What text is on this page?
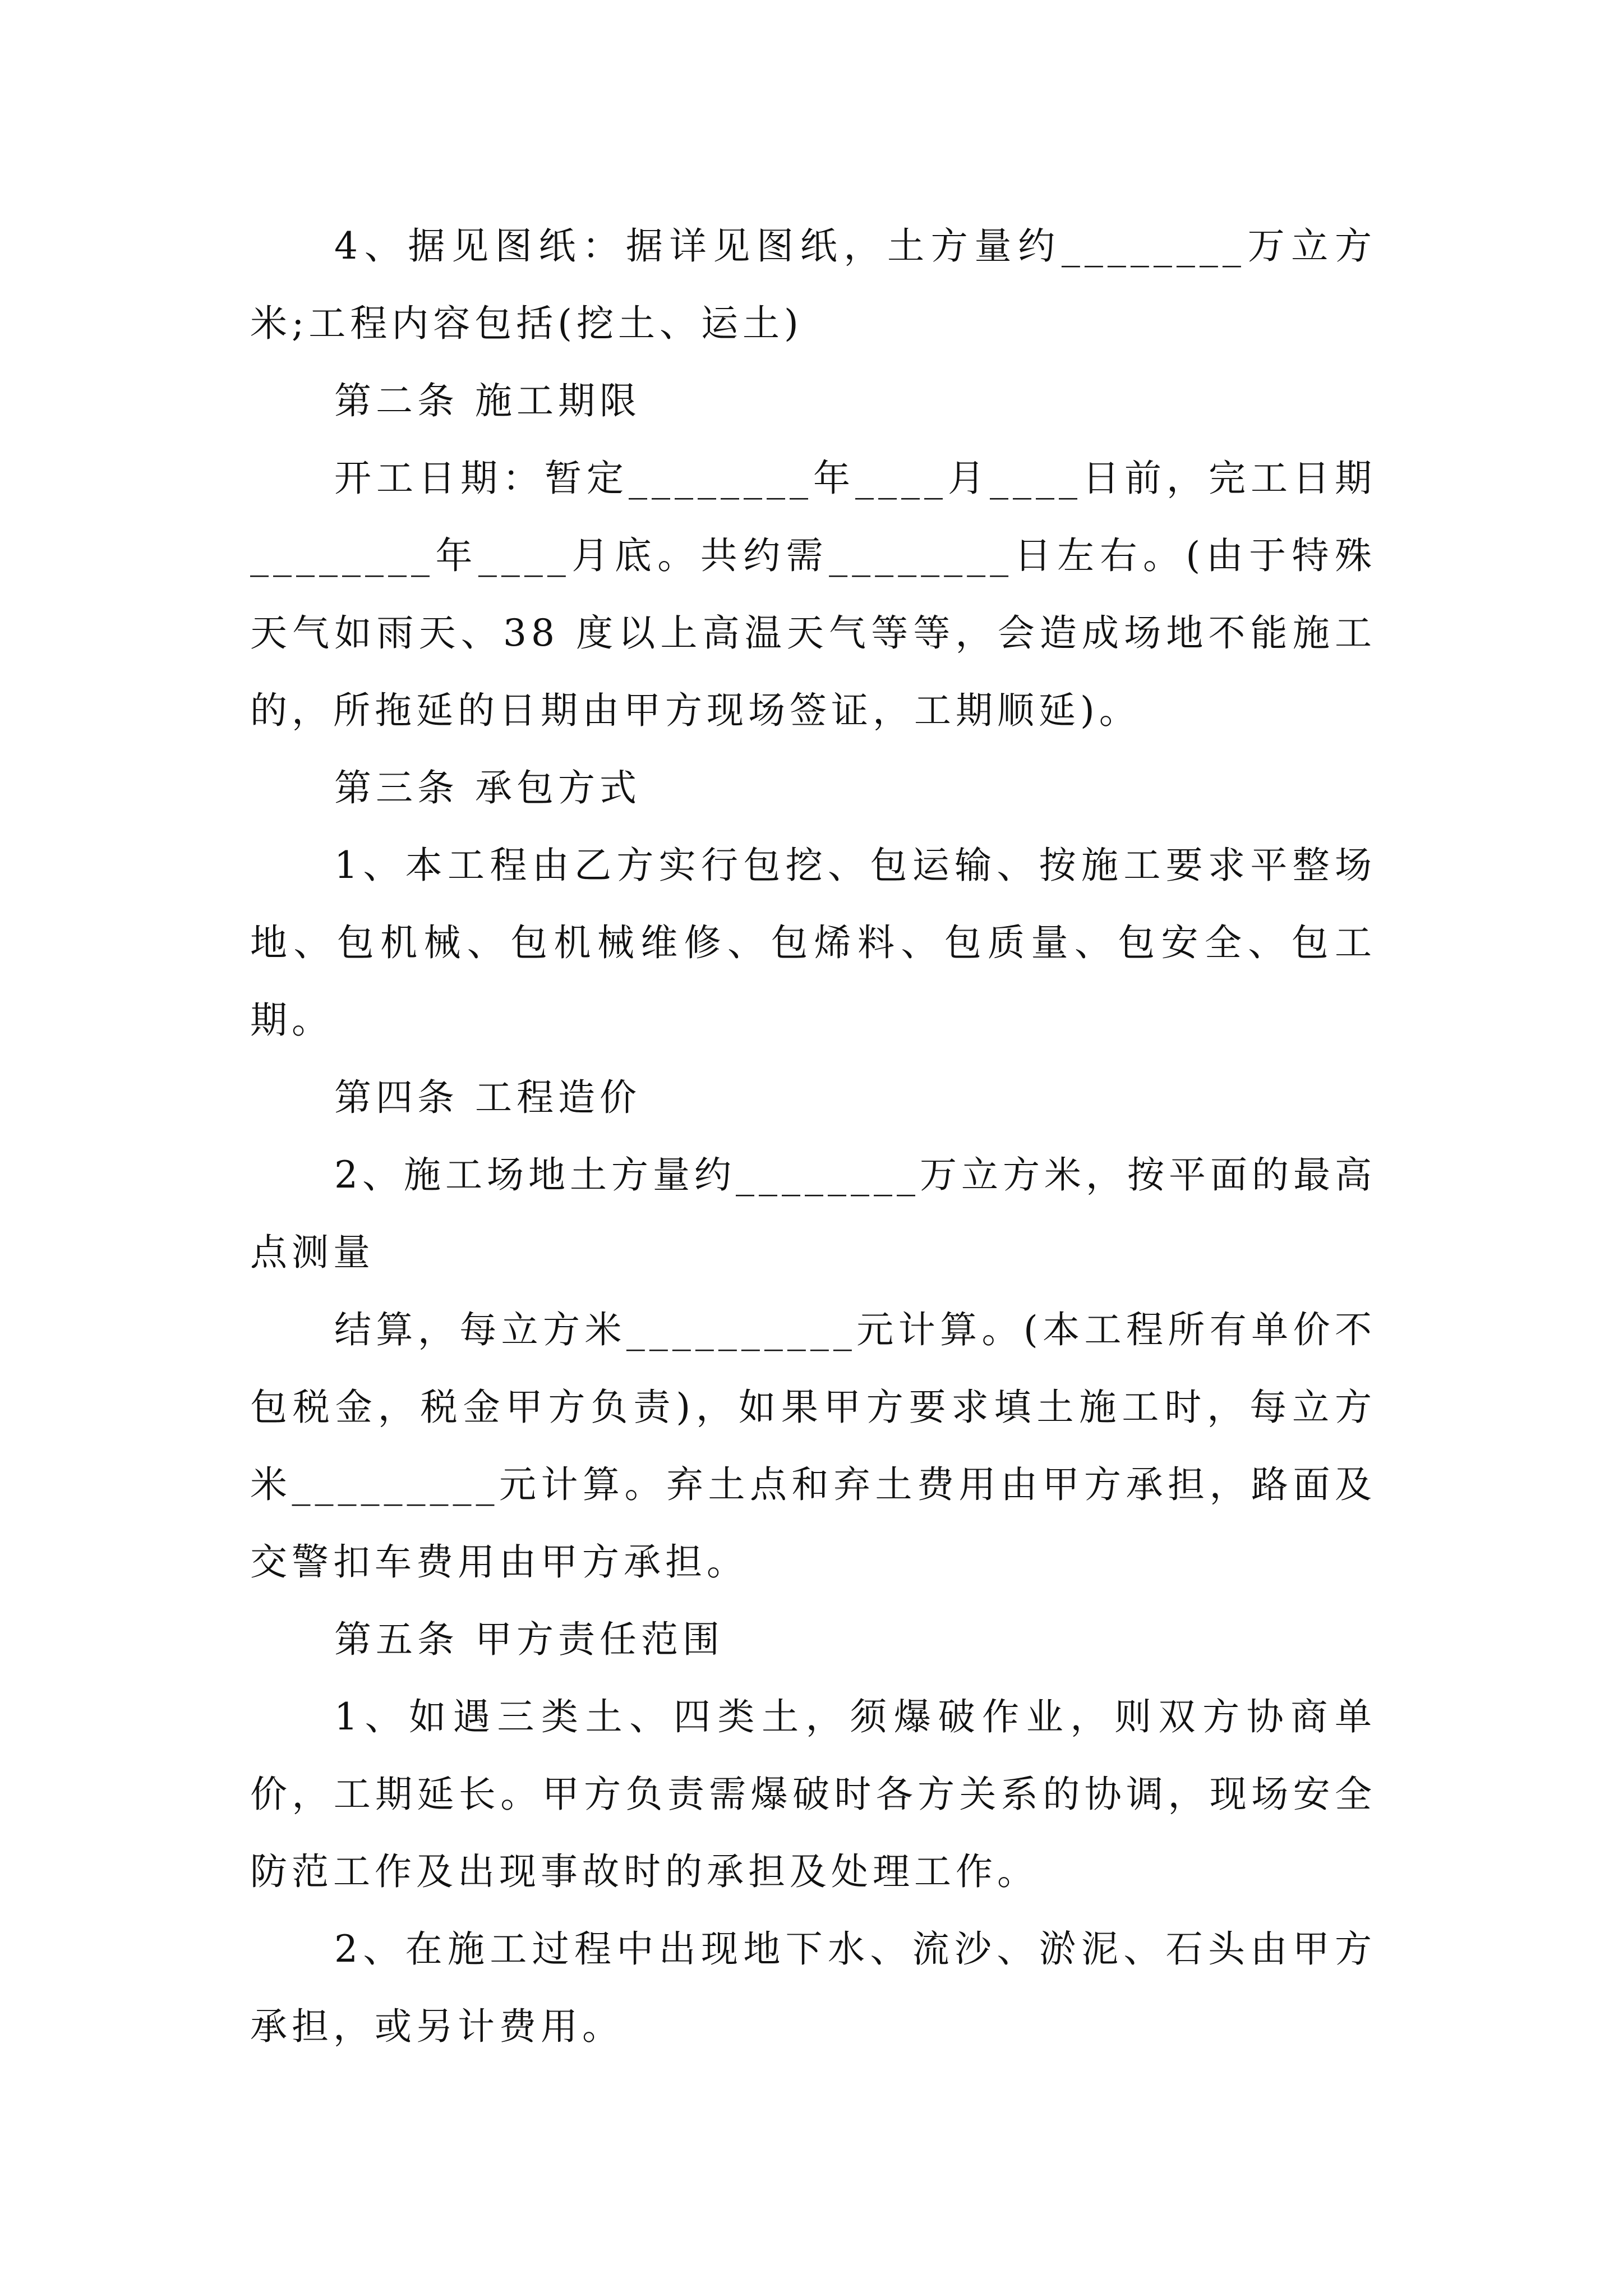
4、据见图纸：据详见图纸，土方量约________万立方米;工程内容包括(挖土、运土)

第二条 施工期限

开工日期：暂定________年____月____日前，完工日期________年____月底。共约需________日左右。(由于特殊天气如雨天、38 度以上高温天气等等，会造成场地不能施工的，所拖延的日期由甲方现场签证，工期顺延)。

第三条 承包方式

1、本工程由乙方实行包挖、包运输、按施工要求平整场地、包机械、包机械维修、包烯料、包质量、包安全、包工期。

第四条 工程造价

2、施工场地土方量约________万立方米，按平面的最高点测量

结算，每立方米__________元计算。(本工程所有单价不包税金，税金甲方负责)，如果甲方要求填土施工时，每立方米_________元计算。弃土点和弃土费用由甲方承担，路面及交警扣车费用由甲方承担。

第五条 甲方责任范围

1、如遇三类土、四类土，须爆破作业，则双方协商单价，工期延长。甲方负责需爆破时各方关系的协调，现场安全防范工作及出现事故时的承担及处理工作。

2、在施工过程中出现地下水、流沙、淤泥、石头由甲方承担，或另计费用。
